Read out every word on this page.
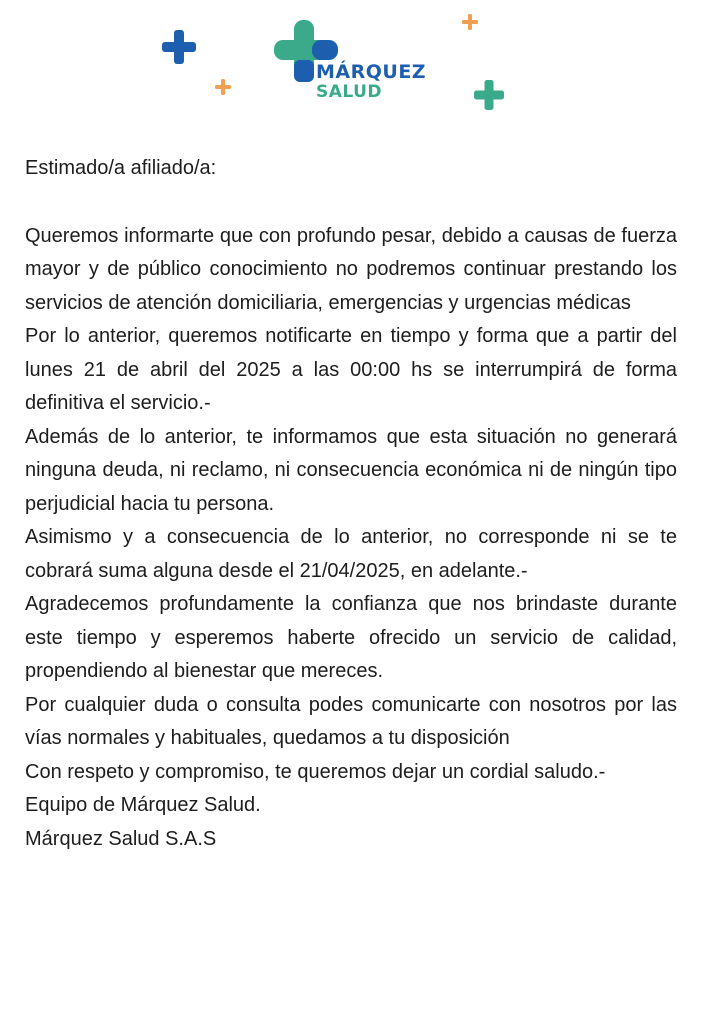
MÁRQUEZ
SALUD

Estimado/a afiliado/a:

Queremos informarte que con profundo pesar, debido a causas de fuerza mayor y de público conocimiento no podremos continuar prestando los servicios de atención domiciliaria, emergencias y urgencias médicas

Por lo anterior, queremos notificarte en tiempo y forma que a partir del lunes 21 de abril del 2025 a las 00:00 hs se interrumpirá de forma definitiva el servicio.-

Además de lo anterior, te informamos que esta situación no generará ninguna deuda, ni reclamo, ni consecuencia económica ni de ningún tipo perjudicial hacia tu persona.

Asimismo y a consecuencia de lo anterior, no corresponde ni se te cobrará suma alguna desde el 21/04/2025, en adelante.-

Agradecemos profundamente la confianza que nos brindaste durante este tiempo y esperemos haberte ofrecido un servicio de calidad, propendiendo al bienestar que mereces.

Por cualquier duda o consulta podes comunicarte con nosotros por las vías normales y habituales, quedamos a tu disposición

Con respeto y compromiso, te queremos dejar un cordial saludo.-

Equipo de Márquez Salud.

Márquez Salud S.A.S
